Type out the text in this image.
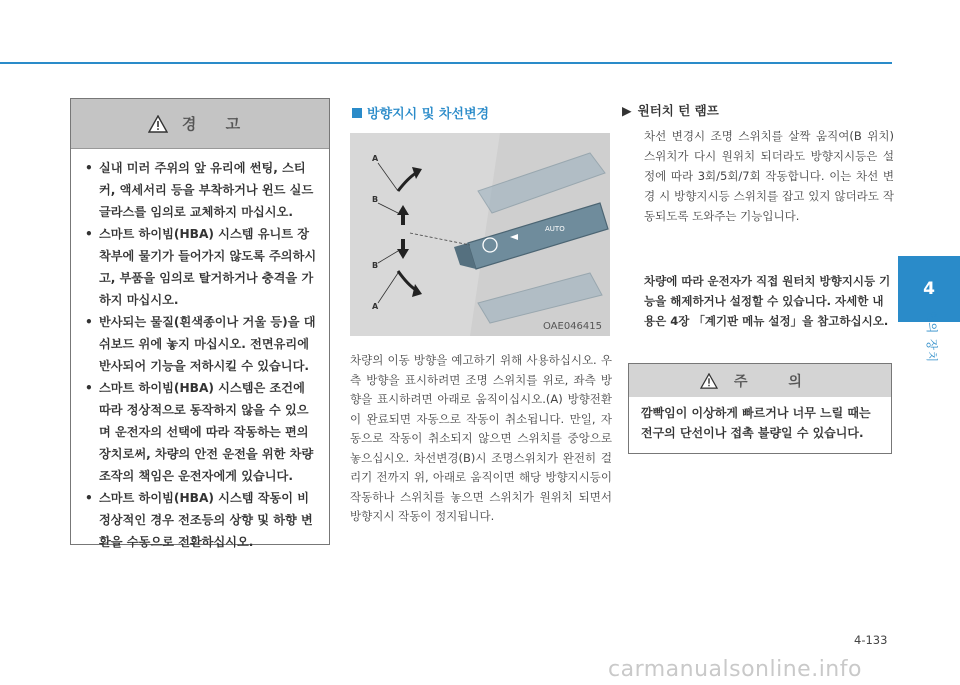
경 고
• 실내 미러 주위의 앞 유리에 썬팅, 스티커, 액세서리 등을 부착하거나 윈드 실드 글라스를 임의로 교체하지 마십시오.
• 스마트 하이빔(HBA) 시스템 유니트 장착부에 물기가 들어가지 않도록 주의하시고, 부품을 임의로 탈거하거나 충격을 가하지 마십시오.
• 반사되는 물질(흰색종이나 거울 등)을 대쉬보드 위에 놓지 마십시오. 전면유리에 반사되어 기능을 저하시킬 수 있습니다.
• 스마트 하이빔(HBA) 시스템은 조건에 따라 정상적으로 동작하지 않을 수 있으며 운전자의 선택에 따라 작동하는 편의장치로써, 차량의 안전 운전을 위한 차량 조작의 책임은 운전자에게 있습니다.
• 스마트 하이빔(HBA) 시스템 작동이 비정상적인 경우 전조등의 상향 및 하향 변환을 수동으로 전환하십시오.
방향지시 및 차선변경
AUTO
A
B
B
A
OAE046415

차량의 이동 방향을 예고하기 위해 사용하십시오. 우측 방향을 표시하려면 조명 스위치를 위로, 좌측 방향을 표시하려면 아래로 움직이십시오.(A) 방향전환이 완료되면 자동으로 작동이 취소됩니다. 만일, 자동으로 작동이 취소되지 않으면 스위치를 중앙으로 놓으십시오. 차선변경(B)시 조명스위치가 완전히 걸리기 전까지 위, 아래로 움직이면 해당 방향지시등이 작동하나 스위치를 놓으면 스위치가 원위치 되면서 방향지시 작동이 정지됩니다.

▶ 원터치 턴 램프

차선 변경시 조명 스위치를 살짝 움직여(B 위치) 스위치가 다시 원위치 되더라도 방향지시등은 설정에 따라 3회/5회/7회 작동합니다. 이는 차선 변경 시 방향지시등 스위치를 잡고 있지 않더라도 작동되도록 도와주는 기능입니다.

차량에 따라 운전자가 직접 원터치 방향지시등 기능을 해제하거나 설정할 수 있습니다. 자세한 내용은 4장 「계기판 메뉴 설정」을 참고하십시오.

주 의

깜빡임이 이상하게 빠르거나 너무 느릴 때는 전구의 단선이나 접촉 불량일 수 있습니다.

4
편의 장치
4-133
carmanualsonline.info
